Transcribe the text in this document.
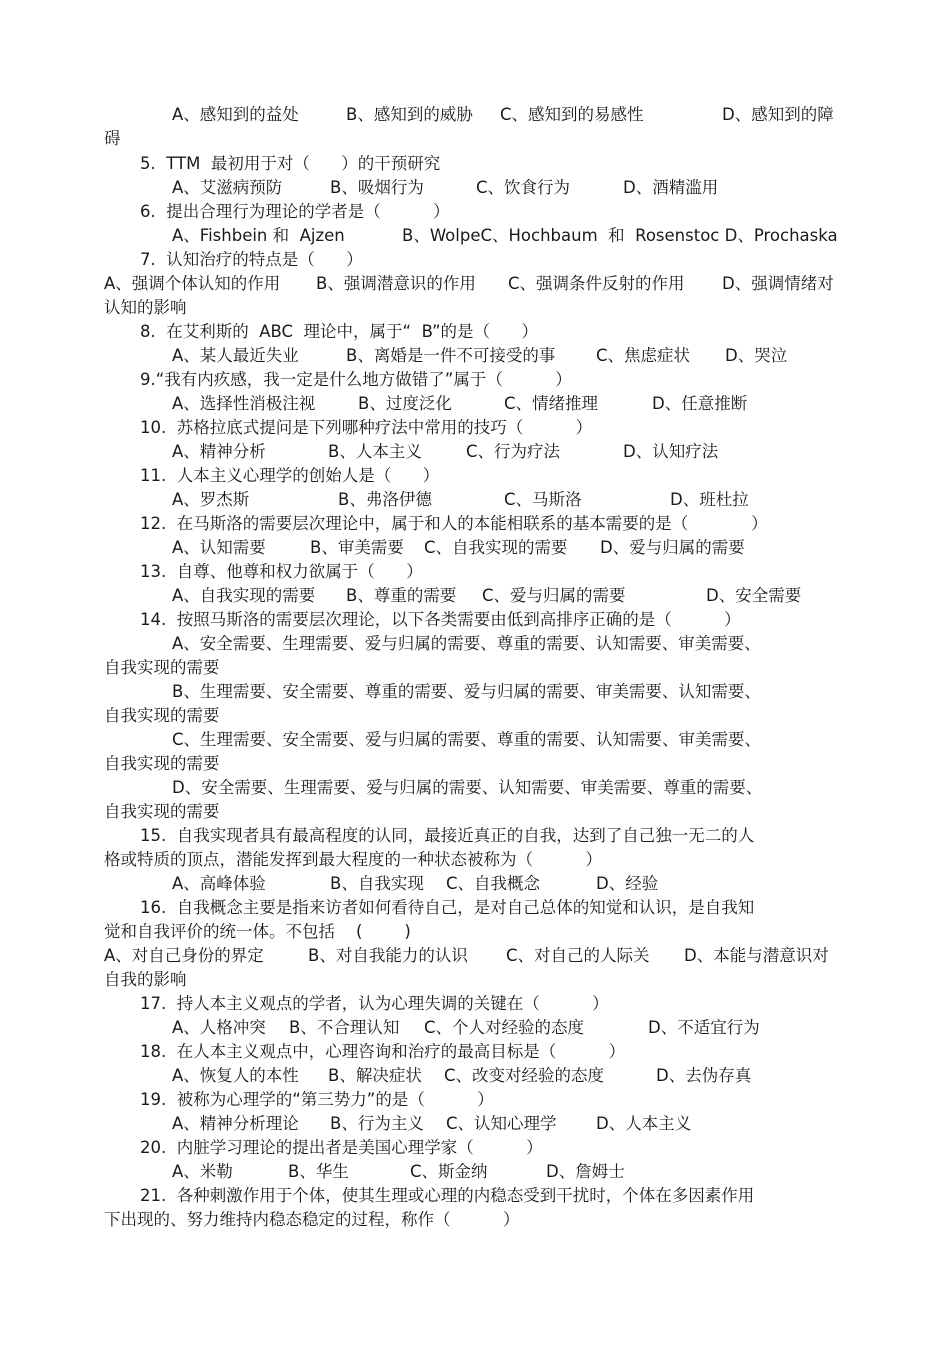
A、感知到的益处	B、感知到的威胁 C、感知到的易感性	D、感知到的障
碍
5.  TTM  最初用于对（      ）的干预研究
A、艾滋病预防	B、吸烟行为	C、饮食行为	D、酒精滥用
6.  提出合理行为理论的学者是（          ）
A、Fishbein 和  Ajzen	B、WolpeC、Hochbaum  和  Rosenstoc D、Prochaska
7.  认知治疗的特点是（      ）
A、强调个体认知的作用 B、强调潜意识的作用 C、强调条件反射的作用 D、强调情绪对
认知的影响
8.  在艾利斯的  ABC  理论中，属于“  B”的是（      ）
A、某人最近失业	B、离婚是一件不可接受的事 C、焦虑症状 D、哭泣
9.“我有内疚感，我一定是什么地方做错了”属于（          ）
A、选择性消极注视	B、过度泛化	C、情绪推理	D、任意推断
10.  苏格拉底式提问是下列哪种疗法中常用的技巧（          ）
A、精神分析	B、人本主义	C、行为疗法	D、认知疗法
11.  人本主义心理学的创始人是（      ）
A、罗杰斯	B、弗洛伊德	C、马斯洛	D、班杜拉
12.  在马斯洛的需要层次理论中，属于和人的本能相联系的基本需要的是（            ）
A、认知需要	B、审美需要 C、自我实现的需要 D、爱与归属的需要
13.  自尊、他尊和权力欲属于（      ）
A、自我实现的需要 B、尊重的需要 C、爱与归属的需要	D、安全需要
14.  按照马斯洛的需要层次理论，以下各类需要由低到高排序正确的是（          ）
A、安全需要、生理需要、爱与归属的需要、尊重的需要、认知需要、审美需要、
自我实现的需要
B、生理需要、安全需要、尊重的需要、爱与归属的需要、审美需要、认知需要、
自我实现的需要
C、生理需要、安全需要、爱与归属的需要、尊重的需要、认知需要、审美需要、
自我实现的需要
D、安全需要、生理需要、爱与归属的需要、认知需要、审美需要、尊重的需要、
自我实现的需要
15.  自我实现者具有最高程度的认同，最接近真正的自我，达到了自己独一无二的人
格或特质的顶点，潜能发挥到最大程度的一种状态被称为（          ）
A、高峰体验	B、自我实现 C、自我概念	D、经验
16.  自我概念主要是指来访者如何看待自己，是对自己总体的知觉和认识，是自我知
觉和自我评价的统一体。不包括    (        )
A、对自己身份的界定	B、对自我能力的认识 C、对自己的人际关 D、本能与潜意识对
自我的影响
17.  持人本主义观点的学者，认为心理失调的关键在（          ）
A、人格冲突 B、不合理认知 C、个人对经验的态度	D、不适宜行为
18.  在人本主义观点中，心理咨询和治疗的最高目标是（          ）
A、恢复人的本性 B、解决症状 C、改变对经验的态度	D、去伪存真
19.  被称为心理学的“第三势力”的是（          ）
A、精神分析理论 B、行为主义 C、认知心理学 D、人本主义
20.  内脏学习理论的提出者是美国心理学家（          ）
A、米勒	B、华生	C、斯金纳	D、詹姆士
21.  各种刺激作用于个体，使其生理或心理的内稳态受到干扰时，个体在多因素作用
下出现的、努力维持内稳态稳定的过程，称作（          ）
